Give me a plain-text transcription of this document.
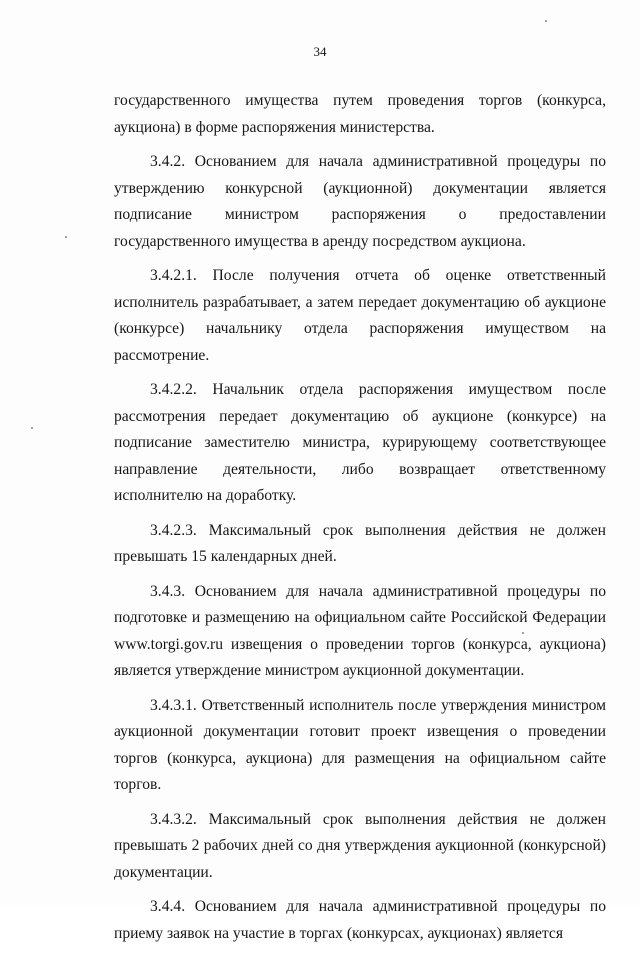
34

государственного имущества путем проведения торгов (конкурса, аукциона) в форме распоряжения министерства.

3.4.2. Основанием для начала административной процедуры по утверждению конкурсной (аукционной) документации является подписание министром распоряжения о предоставлении государственного имущества в аренду посредством аукциона.

3.4.2.1. После получения отчета об оценке ответственный исполнитель разрабатывает, а затем передает документацию об аукционе (конкурсе) начальнику отдела распоряжения имуществом на рассмотрение.

3.4.2.2. Начальник отдела распоряжения имуществом после рассмотрения передает документацию об аукционе (конкурсе) на подписание заместителю министра, курирующему соответствующее направление деятельности, либо возвращает ответственному исполнителю на доработку.

3.4.2.3. Максимальный срок выполнения действия не должен превышать 15 календарных дней.

3.4.3. Основанием для начала административной процедуры по подготовке и размещению на официальном сайте Российской Федерации www.torgi.gov.ru извещения о проведении торгов (конкурса, аукциона) является утверждение министром аукционной документации.

3.4.3.1. Ответственный исполнитель после утверждения министром аукционной документации готовит проект извещения о проведении торгов (конкурса, аукциона) для размещения на официальном сайте торгов.

3.4.3.2. Максимальный срок выполнения действия не должен превышать 2 рабочих дней со дня утверждения аукционной (конкурсной) документации.

3.4.4. Основанием для начала административной процедуры по приему заявок на участие в торгах (конкурсах, аукционах) является
